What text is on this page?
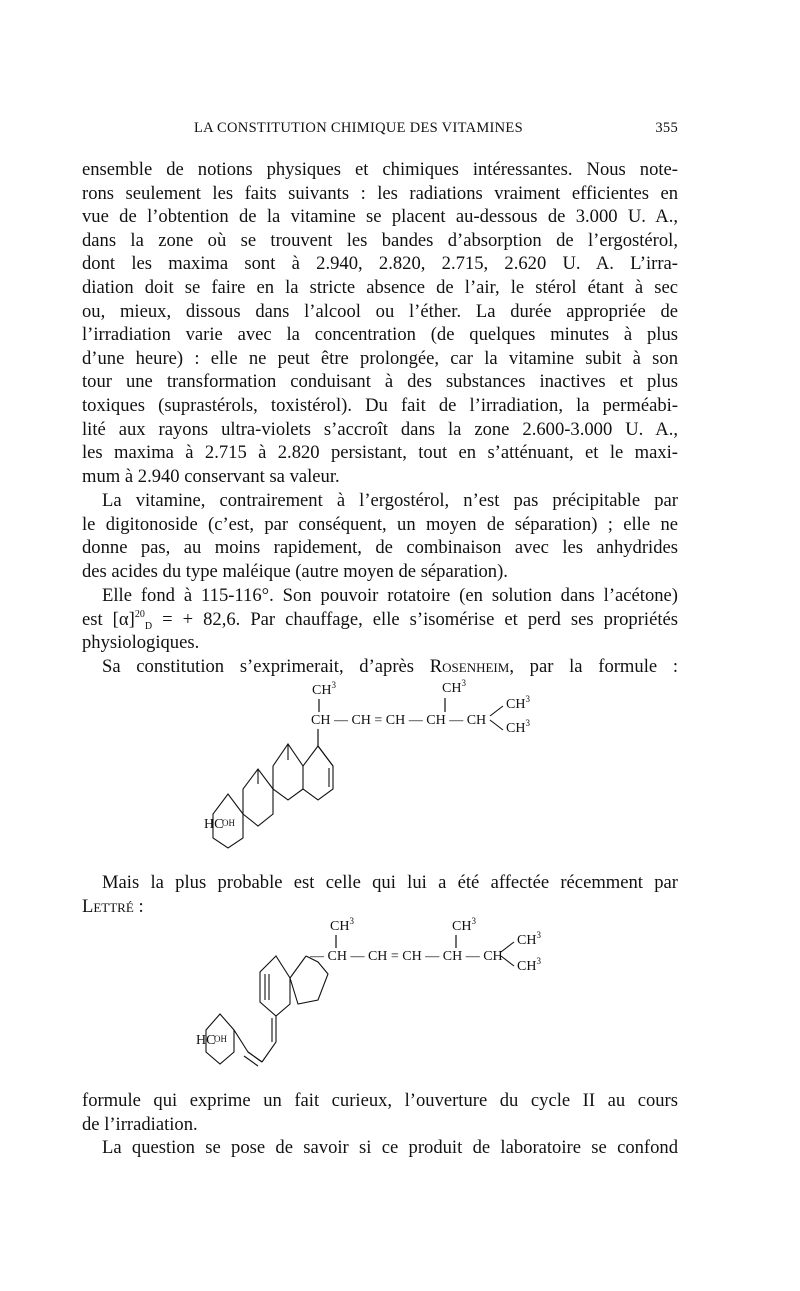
LA CONSTITUTION CHIMIQUE DES VITAMINES	355
ensemble de notions physiques et chimiques intéressantes. Nous note-
rons seulement les faits suivants : les radiations vraiment efficientes en
vue de l’obtention de la vitamine se placent au-dessous de 3.000 U. A.,
dans la zone où se trouvent les bandes d’absorption de l’ergostérol,
dont les maxima sont à 2.940, 2.820, 2.715, 2.620 U. A. L’irra-
diation doit se faire en la stricte absence de l’air, le stérol étant à sec
ou, mieux, dissous dans l’alcool ou l’éther. La durée appropriée de
l’irradiation varie avec la concentration (de quelques minutes à plus
d’une heure) : elle ne peut être prolongée, car la vitamine subit à son
tour une transformation conduisant à des substances inactives et plus
toxiques (suprastérols, toxistérol). Du fait de l’irradiation, la perméabi-
lité aux rayons ultra-violets s’accroît dans la zone 2.600-3.000 U. A.,
les maxima à 2.715 à 2.820 persistant, tout en s’atténuant, et le maxi-
mum à 2.940 conservant sa valeur.
La vitamine, contrairement à l’ergostérol, n’est pas précipitable par
le digitonoside (c’est, par conséquent, un moyen de séparation) ; elle ne
donne pas, au moins rapidement, de combinaison avec les anhydrides
des acides du type maléique (autre moyen de séparation).
Elle fond à 115-116°. Son pouvoir rotatoire (en solution dans l’acétone)
est $[\alpha]^{20}_D$ = + 82,6. Par chauffage, elle s’isomérise et perd ses propriétés
physiologiques.
Sa constitution s’exprimerait, d’après Rosenheim, par la formule :
$CH^3$	$CH^3$
CH — CH = CH — CH — CH
$CH^3$
$CH^3$
HC
OH
Mais la plus probable est celle qui lui a été affectée récemment par
Lettré :
$CH^3$	$CH^3$
— CH — CH = CH — CH — CH
$CH^3$
$CH^3$
HC
OH
formule qui exprime un fait curieux, l’ouverture du cycle II au cours
de l’irradiation.
La question se pose de savoir si ce produit de laboratoire se confond
